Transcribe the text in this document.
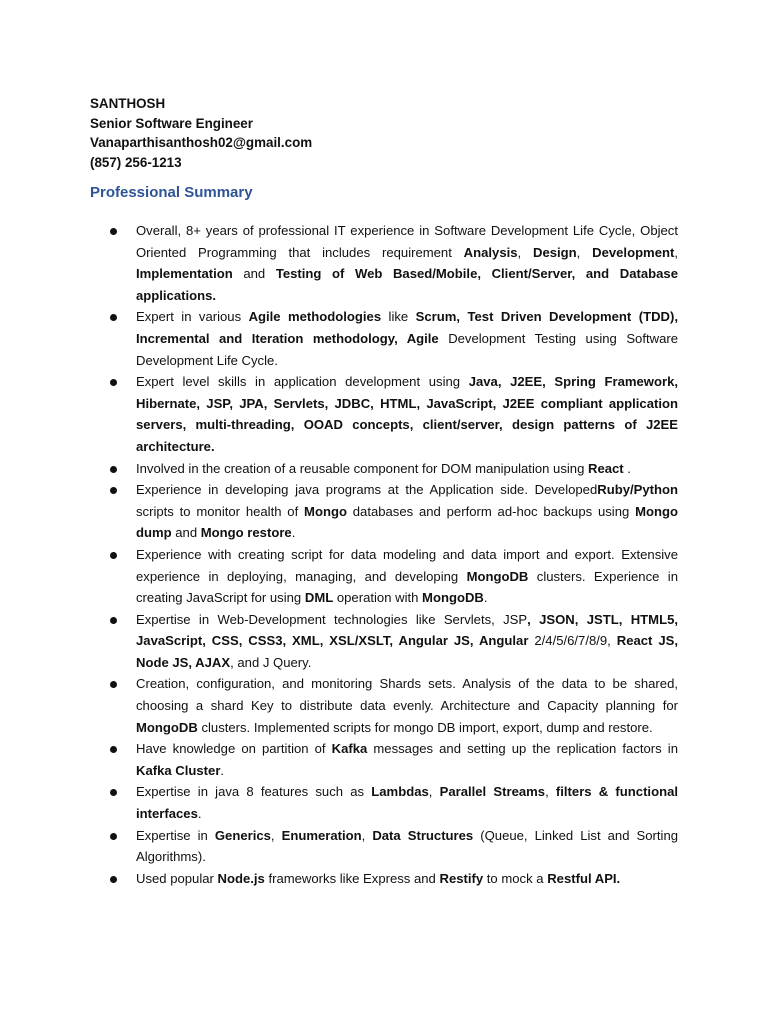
SANTHOSH
Senior Software Engineer
Vanaparthisanthosh02@gmail.com
(857) 256-1213
Professional Summary
Overall, 8+ years of professional IT experience in Software Development Life Cycle, Object Oriented Programming that includes requirement Analysis, Design, Development, Implementation and Testing of Web Based/Mobile, Client/Server, and Database applications.
Expert in various Agile methodologies like Scrum, Test Driven Development (TDD), Incremental and Iteration methodology, Agile Development Testing using Software Development Life Cycle.
Expert level skills in application development using Java, J2EE, Spring Framework, Hibernate, JSP, JPA, Servlets, JDBC, HTML, JavaScript, J2EE compliant application servers, multi-threading, OOAD concepts, client/server, design patterns of J2EE architecture.
Involved in the creation of a reusable component for DOM manipulation using React .
Experience in developing java programs at the Application side. DevelopedRuby/Python scripts to monitor health of Mongo databases and perform ad-hoc backups using Mongo dump and Mongo restore.
Experience with creating script for data modeling and data import and export. Extensive experience in deploying, managing, and developing MongoDB clusters. Experience in creating JavaScript for using DML operation with MongoDB.
Expertise in Web-Development technologies like Servlets, JSP, JSON, JSTL, HTML5, JavaScript, CSS, CSS3, XML, XSL/XSLT, Angular JS, Angular 2/4/5/6/7/8/9, React JS, Node JS, AJAX, and J Query.
Creation, configuration, and monitoring Shards sets. Analysis of the data to be shared, choosing a shard Key to distribute data evenly. Architecture and Capacity planning for MongoDB clusters. Implemented scripts for mongo DB import, export, dump and restore.
Have knowledge on partition of Kafka messages and setting up the replication factors in Kafka Cluster.
Expertise in java 8 features such as Lambdas, Parallel Streams, filters & functional interfaces.
Expertise in Generics, Enumeration, Data Structures (Queue, Linked List and Sorting Algorithms).
Used popular Node.js frameworks like Express and Restify to mock a Restful API.
